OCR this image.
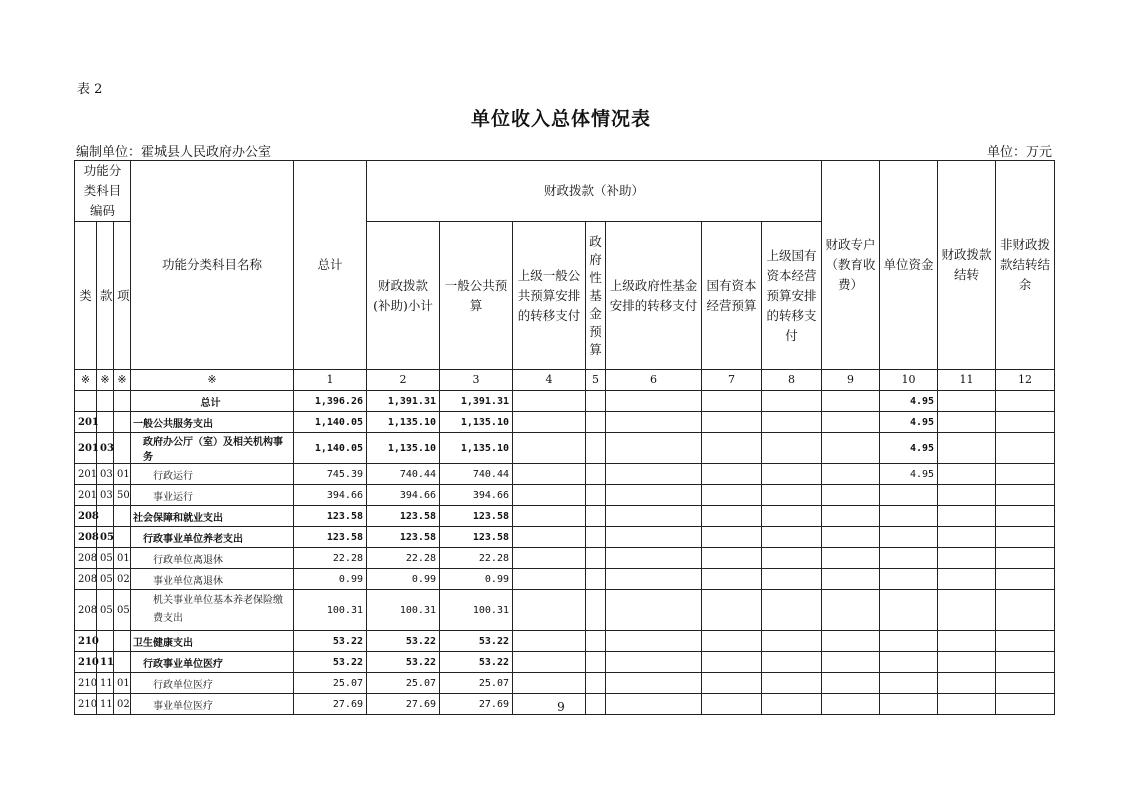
表 2
单位收入总体情况表
编制单位：霍城县人民政府办公室	单位：万元
功能分类科目编码			功能分类科目名称	总计	财政拨款（补助）							财政专户（教育收费）	单位资金	财政拨款结转	非财政拨款结转结余
类	款	项			财政拨款(补助)小计	一般公共预算	上级一般公共预算安排的转移支付	政府性基金预算	上级政府性基金安排的转移支付	国有资本经营预算	上级国有资本经营预算安排的转移支付				
※	※	※	※	1	2	3	4	5	6	7	8	9	10	11	12
			总计	1,396.26	1,391.31	1,391.31							4.95		
201			一般公共服务支出	1,140.05	1,135.10	1,135.10							4.95		
201	03		政府办公厅（室）及相关机构事务	1,140.05	1,135.10	1,135.10							4.95		
201	03	01	行政运行	745.39	740.44	740.44							4.95		
201	03	50	事业运行	394.66	394.66	394.66									
208			社会保障和就业支出	123.58	123.58	123.58									
208	05		行政事业单位养老支出	123.58	123.58	123.58									
208	05	01	行政单位离退休	22.28	22.28	22.28									
208	05	02	事业单位离退休	0.99	0.99	0.99									
208	05	05	机关事业单位基本养老保险缴费支出	100.31	100.31	100.31									
210			卫生健康支出	53.22	53.22	53.22									
210	11		行政事业单位医疗	53.22	53.22	53.22									
210	11	01	行政单位医疗	25.07	25.07	25.07									
210	11	02	事业单位医疗	27.69	27.69	27.69										9
